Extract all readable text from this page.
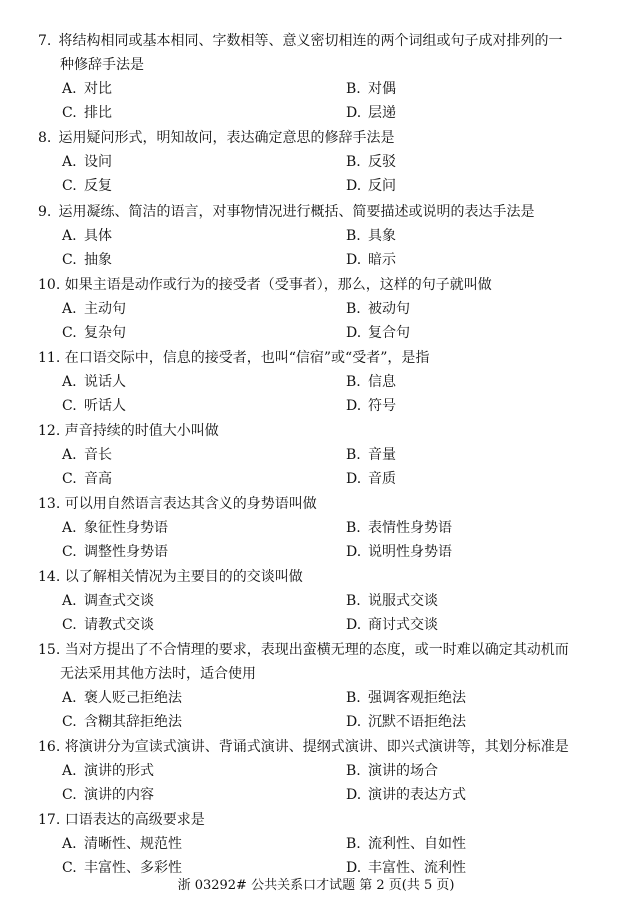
7. 将结构相同或基本相同、字数相等、意义密切相连的两个词组或句子成对排列的一
种修辞手法是
A. 对比	B. 对偶
C. 排比	D. 层递
8. 运用疑问形式，明知故问，表达确定意思的修辞手法是
A. 设问	B. 反驳
C. 反复	D. 反问
9. 运用凝练、简洁的语言，对事物情况进行概括、简要描述或说明的表达手法是
A. 具体	B. 具象
C. 抽象	D. 暗示
10. 如果主语是动作或行为的接受者（受事者），那么，这样的句子就叫做
A. 主动句	B. 被动句
C. 复杂句	D. 复合句
11. 在口语交际中，信息的接受者，也叫“信宿”或“受者”，是指
A. 说话人	B. 信息
C. 听话人	D. 符号
12. 声音持续的时值大小叫做
A. 音长	B. 音量
C. 音高	D. 音质
13. 可以用自然语言表达其含义的身势语叫做
A. 象征性身势语	B. 表情性身势语
C. 调整性身势语	D. 说明性身势语
14. 以了解相关情况为主要目的的交谈叫做
A. 调查式交谈	B. 说服式交谈
C. 请教式交谈	D. 商讨式交谈
15. 当对方提出了不合情理的要求，表现出蛮横无理的态度，或一时难以确定其动机而
无法采用其他方法时，适合使用
A. 褒人贬己拒绝法	B. 强调客观拒绝法
C. 含糊其辞拒绝法	D. 沉默不语拒绝法
16. 将演讲分为宣读式演讲、背诵式演讲、提纲式演讲、即兴式演讲等，其划分标准是
A. 演讲的形式	B. 演讲的场合
C. 演讲的内容	D. 演讲的表达方式
17. 口语表达的高级要求是
A. 清晰性、规范性	B. 流利性、自如性
C. 丰富性、多彩性	D. 丰富性、流利性
浙 03292# 公共关系口才试题 第 2 页(共 5 页)
